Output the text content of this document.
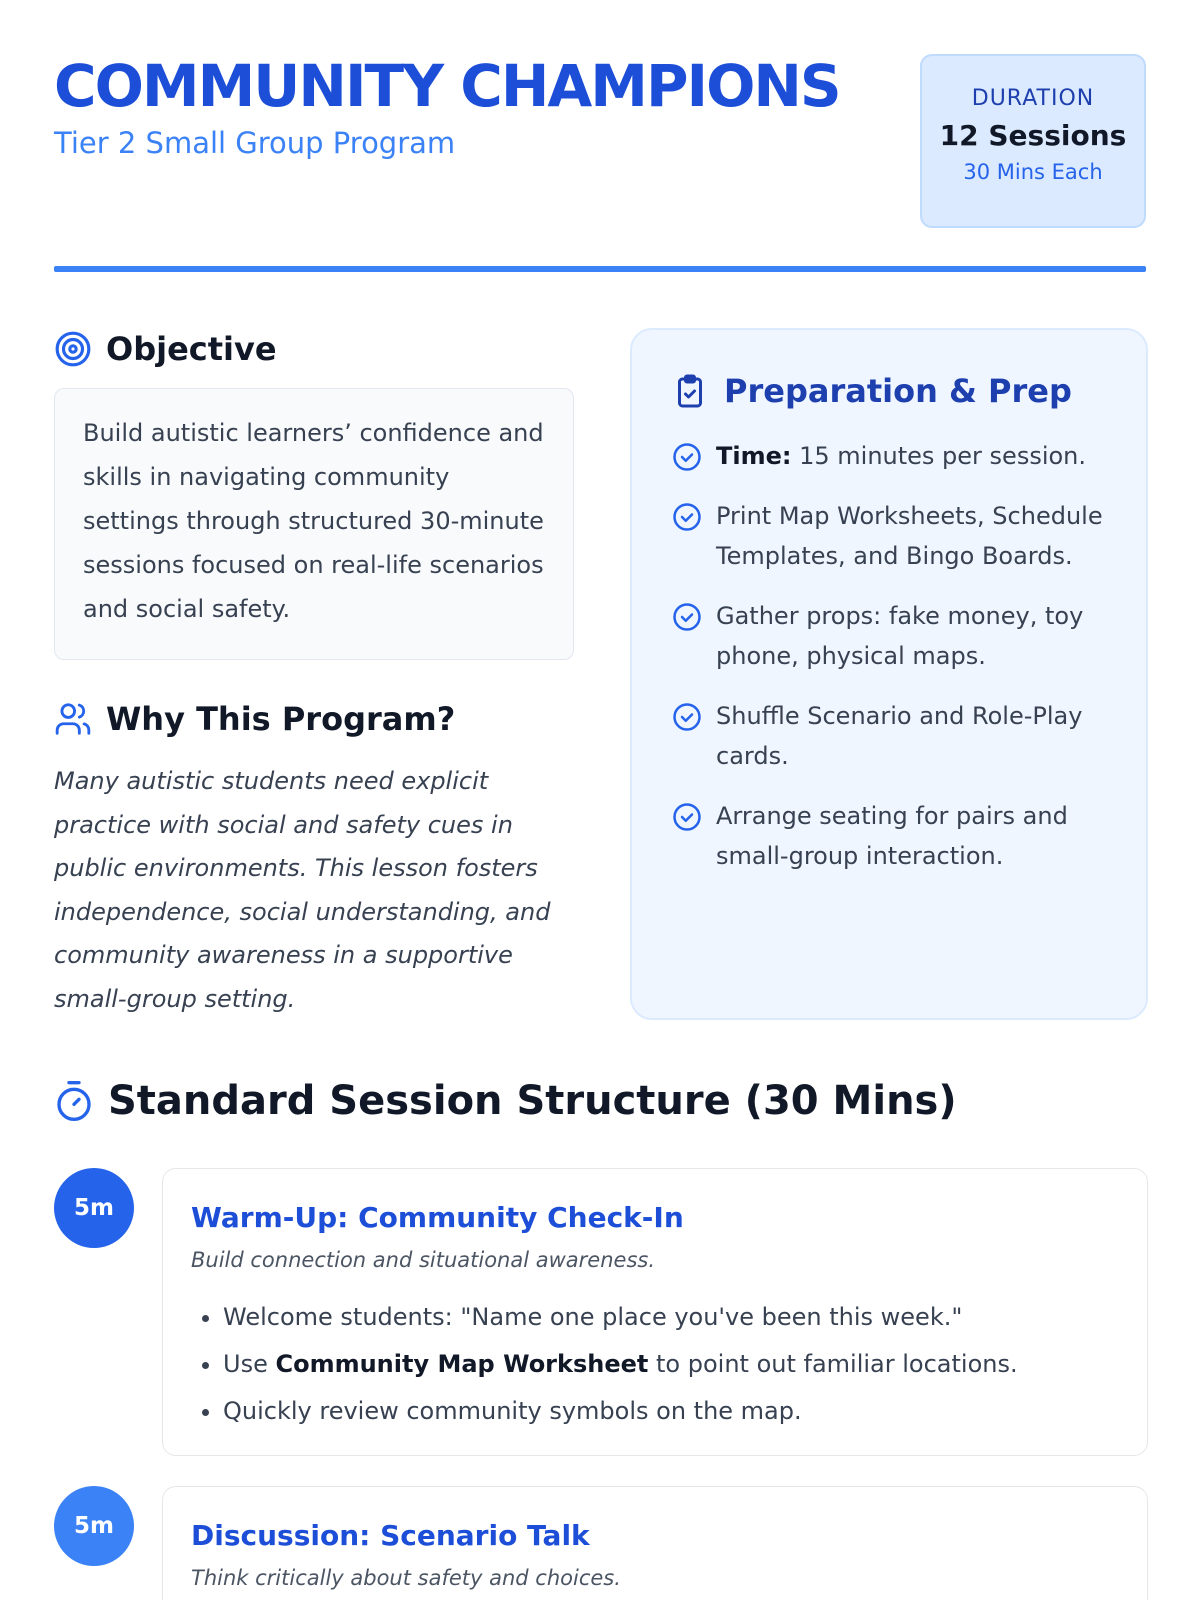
COMMUNITY CHAMPIONS
Tier 2 Small Group Program
DURATION
12 Sessions
30 Mins Each
Objective
Build autistic learners’ confidence and skills in navigating community settings through structured 30-minute sessions focused on real-life scenarios and social safety.
Why This Program?
Many autistic students need explicit practice with social and safety cues in public environments. This lesson fosters independence, social understanding, and community awareness in a supportive small-group setting.
Preparation & Prep
Time: 15 minutes per session.
Print Map Worksheets, Schedule Templates, and Bingo Boards.
Gather props: fake money, toy phone, physical maps.
Shuffle Scenario and Role-Play cards.
Arrange seating for pairs and small-group interaction.
Standard Session Structure (30 Mins)
5m	Warm-Up: Community Check-In
Build connection and situational awareness.
• Welcome students: "Name one place you've been this week."
• Use Community Map Worksheet to point out familiar locations.
• Quickly review community symbols on the map.
5m	Discussion: Scenario Talk
Think critically about safety and choices.
